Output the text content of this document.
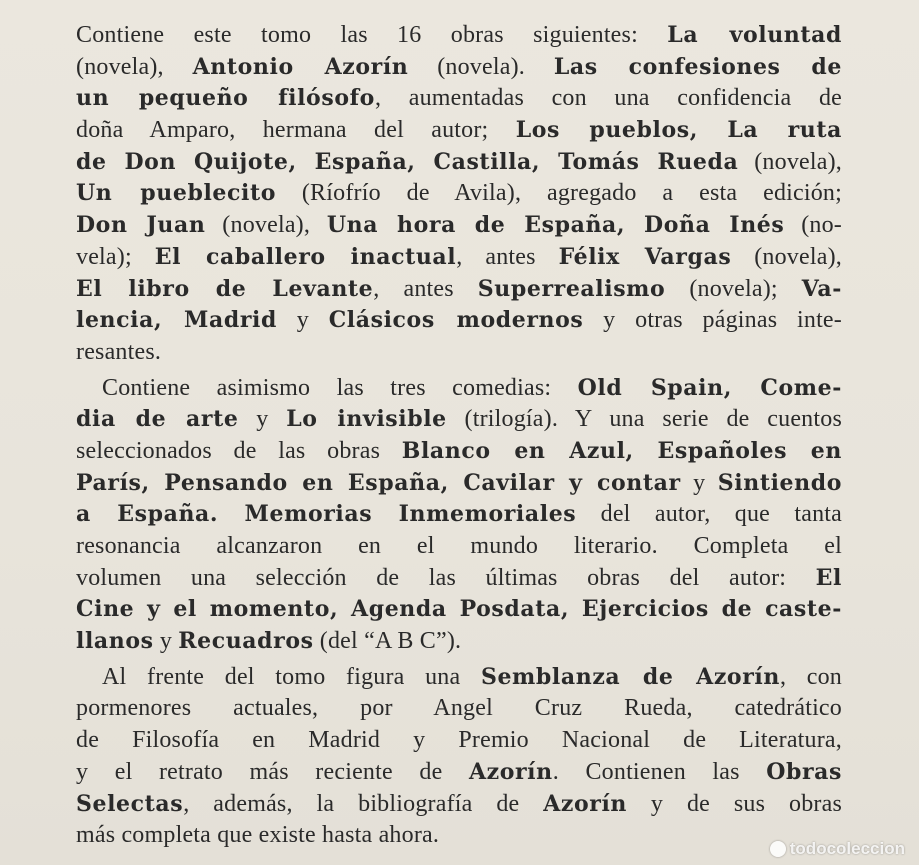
Contiene este tomo las 16 obras siguientes: La voluntad
(novela), Antonio Azorín (novela). Las confesiones de
un pequeño filósofo, aumentadas con una confidencia de
doña Amparo, hermana del autor; Los pueblos, La ruta
de Don Quijote, España, Castilla, Tomás Rueda (novela),
Un pueblecito (Ríofrío de Avila), agregado a esta edición;
Don Juan (novela), Una hora de España, Doña Inés (no-
vela); El caballero inactual, antes Félix Vargas (novela),
El libro de Levante, antes Superrealismo (novela); Va-
lencia, Madrid y Clásicos modernos y otras páginas inte-
resantes.
Contiene asimismo las tres comedias: Old Spain, Come-
dia de arte y Lo invisible (trilogía). Y una serie de cuentos
seleccionados de las obras Blanco en Azul, Españoles en
París, Pensando en España, Cavilar y contar y Sintiendo
a España. Memorias Inmemoriales del autor, que tanta
resonancia alcanzaron en el mundo literario. Completa el
volumen una selección de las últimas obras del autor: El
Cine y el momento, Agenda Posdata, Ejercicios de caste-
llanos y Recuadros (del “A B C”).
Al frente del tomo figura una Semblanza de Azorín, con
pormenores actuales, por Angel Cruz Rueda, catedrático
de Filosofía en Madrid y Premio Nacional de Literatura,
y el retrato más reciente de Azorín. Contienen las Obras
Selectas, además, la bibliografía de Azorín y de sus obras
más completa que existe hasta ahora.
todocoleccion
